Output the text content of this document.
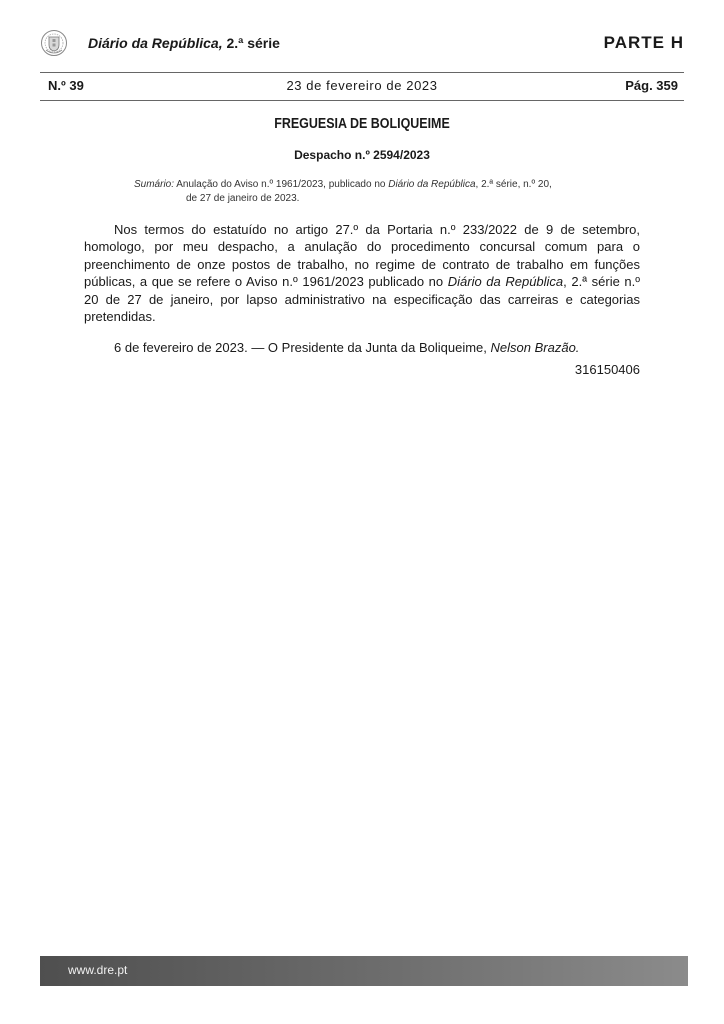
Diário da República, 2.ª série	PARTE H
N.º 39	23 de fevereiro de 2023	Pág. 359

FREGUESIA DE BOLIQUEIME

Despacho n.º 2594/2023

Sumário: Anulação do Aviso n.º 1961/2023, publicado no Diário da República, 2.ª série, n.º 20,
de 27 de janeiro de 2023.

Nos termos do estatuído no artigo 27.º da Portaria n.º 233/2022 de 9 de setembro, homologo, por meu despacho, a anulação do procedimento concursal comum para o preenchimento de onze postos de trabalho, no regime de contrato de trabalho em funções públicas, a que se refere o Aviso n.º 1961/2023 publicado no Diário da República, 2.ª série n.º 20 de 27 de janeiro, por lapso administrativo na especificação das carreiras e categorias pretendidas.

6 de fevereiro de 2023. — O Presidente da Junta da Boliqueime, Nelson Brazão.

316150406

www.dre.pt
